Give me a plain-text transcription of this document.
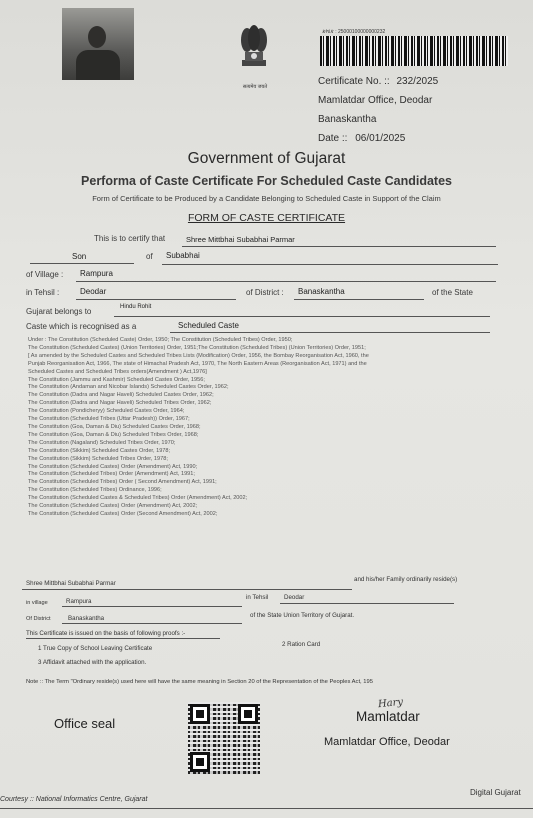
सत्यमेव जयते
ક્રમાંક : 25000100000000232
Certificate No. :: 232/2025
Mamlatdar Office, Deodar
Banaskantha
Date :: 06/01/2025
Government of Gujarat
Performa of Caste Certificate For Scheduled Caste Candidates
Form of Certificate to be Produced by a Candidate Belonging to Scheduled Caste in Support of the Claim
FORM OF CASTE CERTIFICATE
This is to certify that	Shree Mittbhai Subabhai Parmar
Son	of Subabhai
of Village : Rampura
in Tehsil :	Deodar	of District : Banaskantha	of the State
Gujarat belongs to	Hindu Rohit
Caste which is recognised as a	Scheduled Caste
Under : The Constitution (Scheduled Caste) Order, 1950; The Constitution (Scheduled Tribes) Order, 1950;
The Constitution (Scheduled Castes) (Union Territories) Order, 1951;The Constitution (Scheduled Tribes) (Union Territories) Order, 1951;
[ As amended by the Scheduled Castes and Scheduled Tribes Lists (Modification) Order, 1956, the Bombay Reorganisation Act, 1960, the
Punjab Reorganisation Act, 1966, The state of Himachal Pradesh Act, 1970, The North Eastern Areas (Reorganisation Act, 1971) and the
Scheduled Castes and Scheduled Tribes orders(Amendment ) Act,1976]
The Constitution (Jammu and Kashmir) Scheduled Castes Order, 1956;
The Constitution (Andaman and Nicobar Islands) Scheduled Castes Order, 1962;
The Constitution (Dadra and Nagar Haveli) Scheduled Castes Order, 1962;
The Constitution (Dadra and Nagar Haveli) Scheduled Tribes Order, 1962;
The Constitution (Pondicheryy) Scheduled Castes Order, 1964;
The Constitution (Scheduled Tribes (Uttar Pradesh)) Order, 1967;
The Constitution (Goa, Daman & Diu) Scheduled Castes Order, 1968;
The Constitution (Goa, Daman & Diu) Scheduled Tribes Order, 1968;
The Constitution (Nagaland) Scheduled Tribes Order, 1970;
The Constitution (Sikkim) Scheduled Castes Order, 1978;
The Constitution (Sikkim) Scheduled Tribes Order, 1978;
The Constitution (Scheduled Castes) Order (Amendment) Act, 1990;
The Constitution (Scheduled Tribes) Order (Amendment) Act, 1991;
The Constitution (Scheduled Tribes) Order ( Second Amendment) Act, 1991;
The Constitution (Scheduled Tribes) Ordinance, 1996;
The Constitution (Scheduled Castes & Scheduled Tribes) Order (Amendment) Act, 2002;
The Constitution (Scheduled Castes) Order (Amendment) Act, 2002;
The Constitution (Scheduled Castes) Order (Second Amendment) Act, 2002;
Shree Mittbhai Subabhai Parmar
and his/her Family ordinarily reside(s)
in village	Rampura
in Tehsil	Deodar
Of District	Banaskantha	of the State Union Territory of Gujarat.
This Certificate is issued on the basis of following proofs :-
1 True Copy of School Leaving Certificate
2 Ration Card
3 Affidavit attached with the application.
Note :: The Term "Ordinary reside(s) used here will have the same meaning in Section 20 of the Representation of the Peoples Act, 195
Office seal
Hary
Mamlatdar
Mamlatdar Office, Deodar
Courtesy :: National Informatics Centre, Gujarat
Digital Gujarat
